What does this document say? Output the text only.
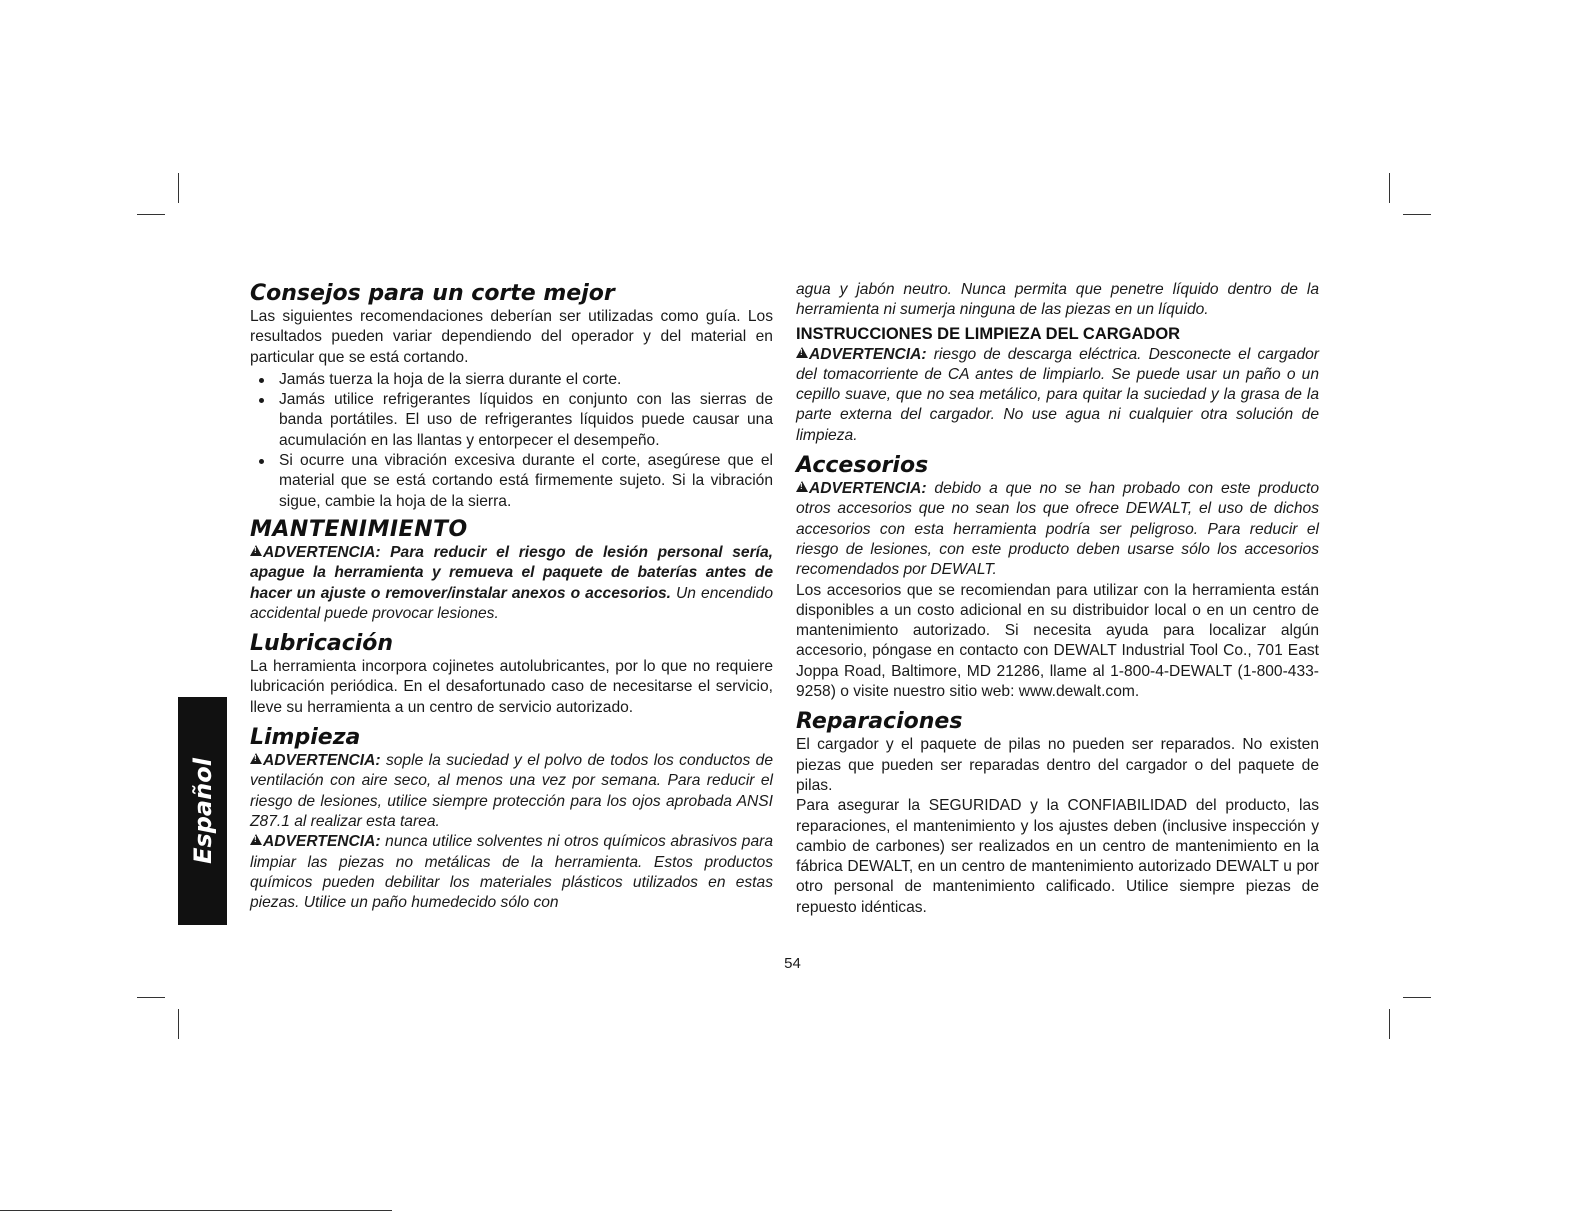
Consejos para un corte mejor

Las siguientes recomendaciones deberían ser utilizadas como guía. Los resultados pueden variar dependiendo del operador y del material en particular que se está cortando.

Jamás tuerza la hoja de la sierra durante el corte.
Jamás utilice refrigerantes líquidos en conjunto con las sierras de banda portátiles. El uso de refrigerantes líquidos puede causar una acumulación en las llantas y entorpecer el desempeño.
Si ocurre una vibración excesiva durante el corte, asegúrese que el material que se está cortando está firmemente sujeto. Si la vibración sigue, cambie la hoja de la sierra.
MANTENIMIENTO

!ADVERTENCIA: Para reducir el riesgo de lesión personal sería, apague la herramienta y remueva el paquete de baterías antes de hacer un ajuste o remover/instalar anexos o accesorios. Un encendido accidental puede provocar lesiones.

Lubricación

La herramienta incorpora cojinetes autolubricantes, por lo que no requiere lubricación periódica. En el desafortunado caso de necesitarse el servicio, lleve su herramienta a un centro de servicio autorizado.

Limpieza

!ADVERTENCIA: sople la suciedad y el polvo de todos los conductos de ventilación con aire seco, al menos una vez por semana. Para reducir el riesgo de lesiones, utilice siempre protección para los ojos aprobada ANSI Z87.1 al realizar esta tarea.

!ADVERTENCIA: nunca utilice solventes ni otros químicos abrasivos para limpiar las piezas no metálicas de la herramienta. Estos productos químicos pueden debilitar los materiales plásticos utilizados en estas piezas. Utilice un paño humedecido sólo con

agua y jabón neutro. Nunca permita que penetre líquido dentro de la herramienta ni sumerja ninguna de las piezas en un líquido.

INSTRUCCIONES DE LIMPIEZA DEL CARGADOR

!ADVERTENCIA: riesgo de descarga eléctrica. Desconecte el cargador del tomacorriente de CA antes de limpiarlo. Se puede usar un paño o un cepillo suave, que no sea metálico, para quitar la suciedad y la grasa de la parte externa del cargador. No use agua ni cualquier otra solución de limpieza.

Accesorios

!ADVERTENCIA: debido a que no se han probado con este producto otros accesorios que no sean los que ofrece DEWALT, el uso de dichos accesorios con esta herramienta podría ser peligroso. Para reducir el riesgo de lesiones, con este producto deben usarse sólo los accesorios recomendados por DEWALT.

Los accesorios que se recomiendan para utilizar con la herramienta están disponibles a un costo adicional en su distribuidor local o en un centro de mantenimiento autorizado. Si necesita ayuda para localizar algún accesorio, póngase en contacto con DEWALT Industrial Tool Co., 701 East Joppa Road, Baltimore, MD 21286, llame al 1-800-4-DEWALT (1-800-433-9258) o visite nuestro sitio web: www.dewalt.com.

Reparaciones

El cargador y el paquete de pilas no pueden ser reparados. No existen piezas que pueden ser reparadas dentro del cargador o del paquete de pilas.

Para asegurar la SEGURIDAD y la CONFIABILIDAD del producto, las reparaciones, el mantenimiento y los ajustes deben (inclusive inspección y cambio de carbones) ser realizados en un centro de mantenimiento en la fábrica DEWALT, en un centro de mantenimiento autorizado DEWALT u por otro personal de mantenimiento calificado. Utilice siempre piezas de repuesto idénticas.

Español
54
